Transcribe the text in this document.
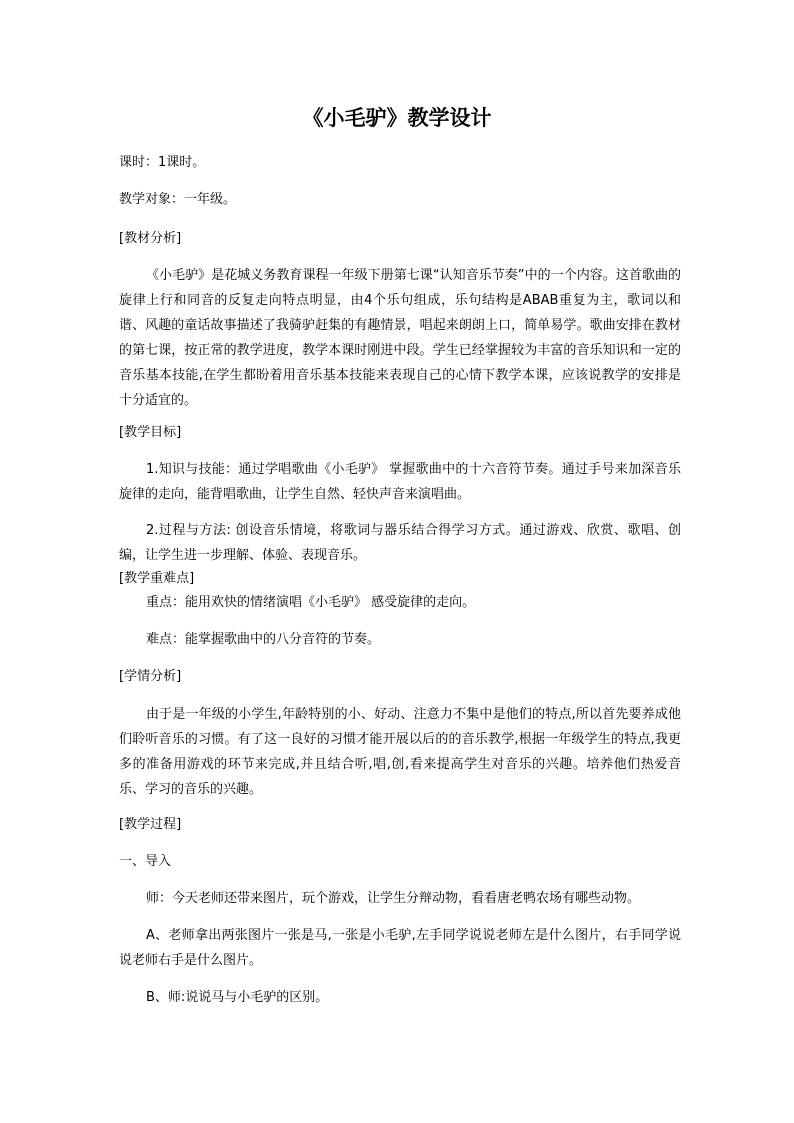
《小毛驴》教学设计
课时：1课时。
教学对象：一年级。
[教材分析]
《小毛驴》是花城义务教育课程一年级下册第七课“认知音乐节奏”中的一个内容。这首歌曲的旋律上行和同音的反复走向特点明显，由4个乐句组成，乐句结构是ABAB重复为主，歌词以和谐、风趣的童话故事描述了我骑驴赶集的有趣情景，唱起来朗朗上口，简单易学。歌曲安排在教材的第七课，按正常的教学进度，教学本课时刚进中段。学生已经掌握较为丰富的音乐知识和一定的音乐基本技能,在学生都盼着用音乐基本技能来表现自己的心情下教学本课，应该说教学的安排是十分适宜的。
[教学目标]
1.知识与技能：通过学唱歌曲《小毛驴》 掌握歌曲中的十六音符节奏。通过手号来加深音乐旋律的走向，能背唱歌曲，让学生自然、轻快声音来演唱曲。
2.过程与方法: 创设音乐情境，将歌词与器乐结合得学习方式。通过游戏、欣赏、歌唱、创编，让学生进一步理解、体验、表现音乐。
[教学重难点]
重点：能用欢快的情绪演唱《小毛驴》 感受旋律的走向。
难点：能掌握歌曲中的八分音符的节奏。
[学情分析]
由于是一年级的小学生,年龄特别的小、好动、注意力不集中是他们的特点,所以首先要养成他们聆听音乐的习惯。有了这一良好的习惯才能开展以后的的音乐教学,根据一年级学生的特点,我更多的准备用游戏的环节来完成,并且结合听,唱,创,看来提高学生对音乐的兴趣。培养他们热爱音乐、学习的音乐的兴趣。
[教学过程]
一、导入
师：今天老师还带来图片，玩个游戏，让学生分辩动物，看看唐老鸭农场有哪些动物。
A、老师拿出两张图片一张是马,一张是小毛驴,左手同学说说老师左是什么图片，右手同学说说老师右手是什么图片。
B、师:说说马与小毛驴的区别。
